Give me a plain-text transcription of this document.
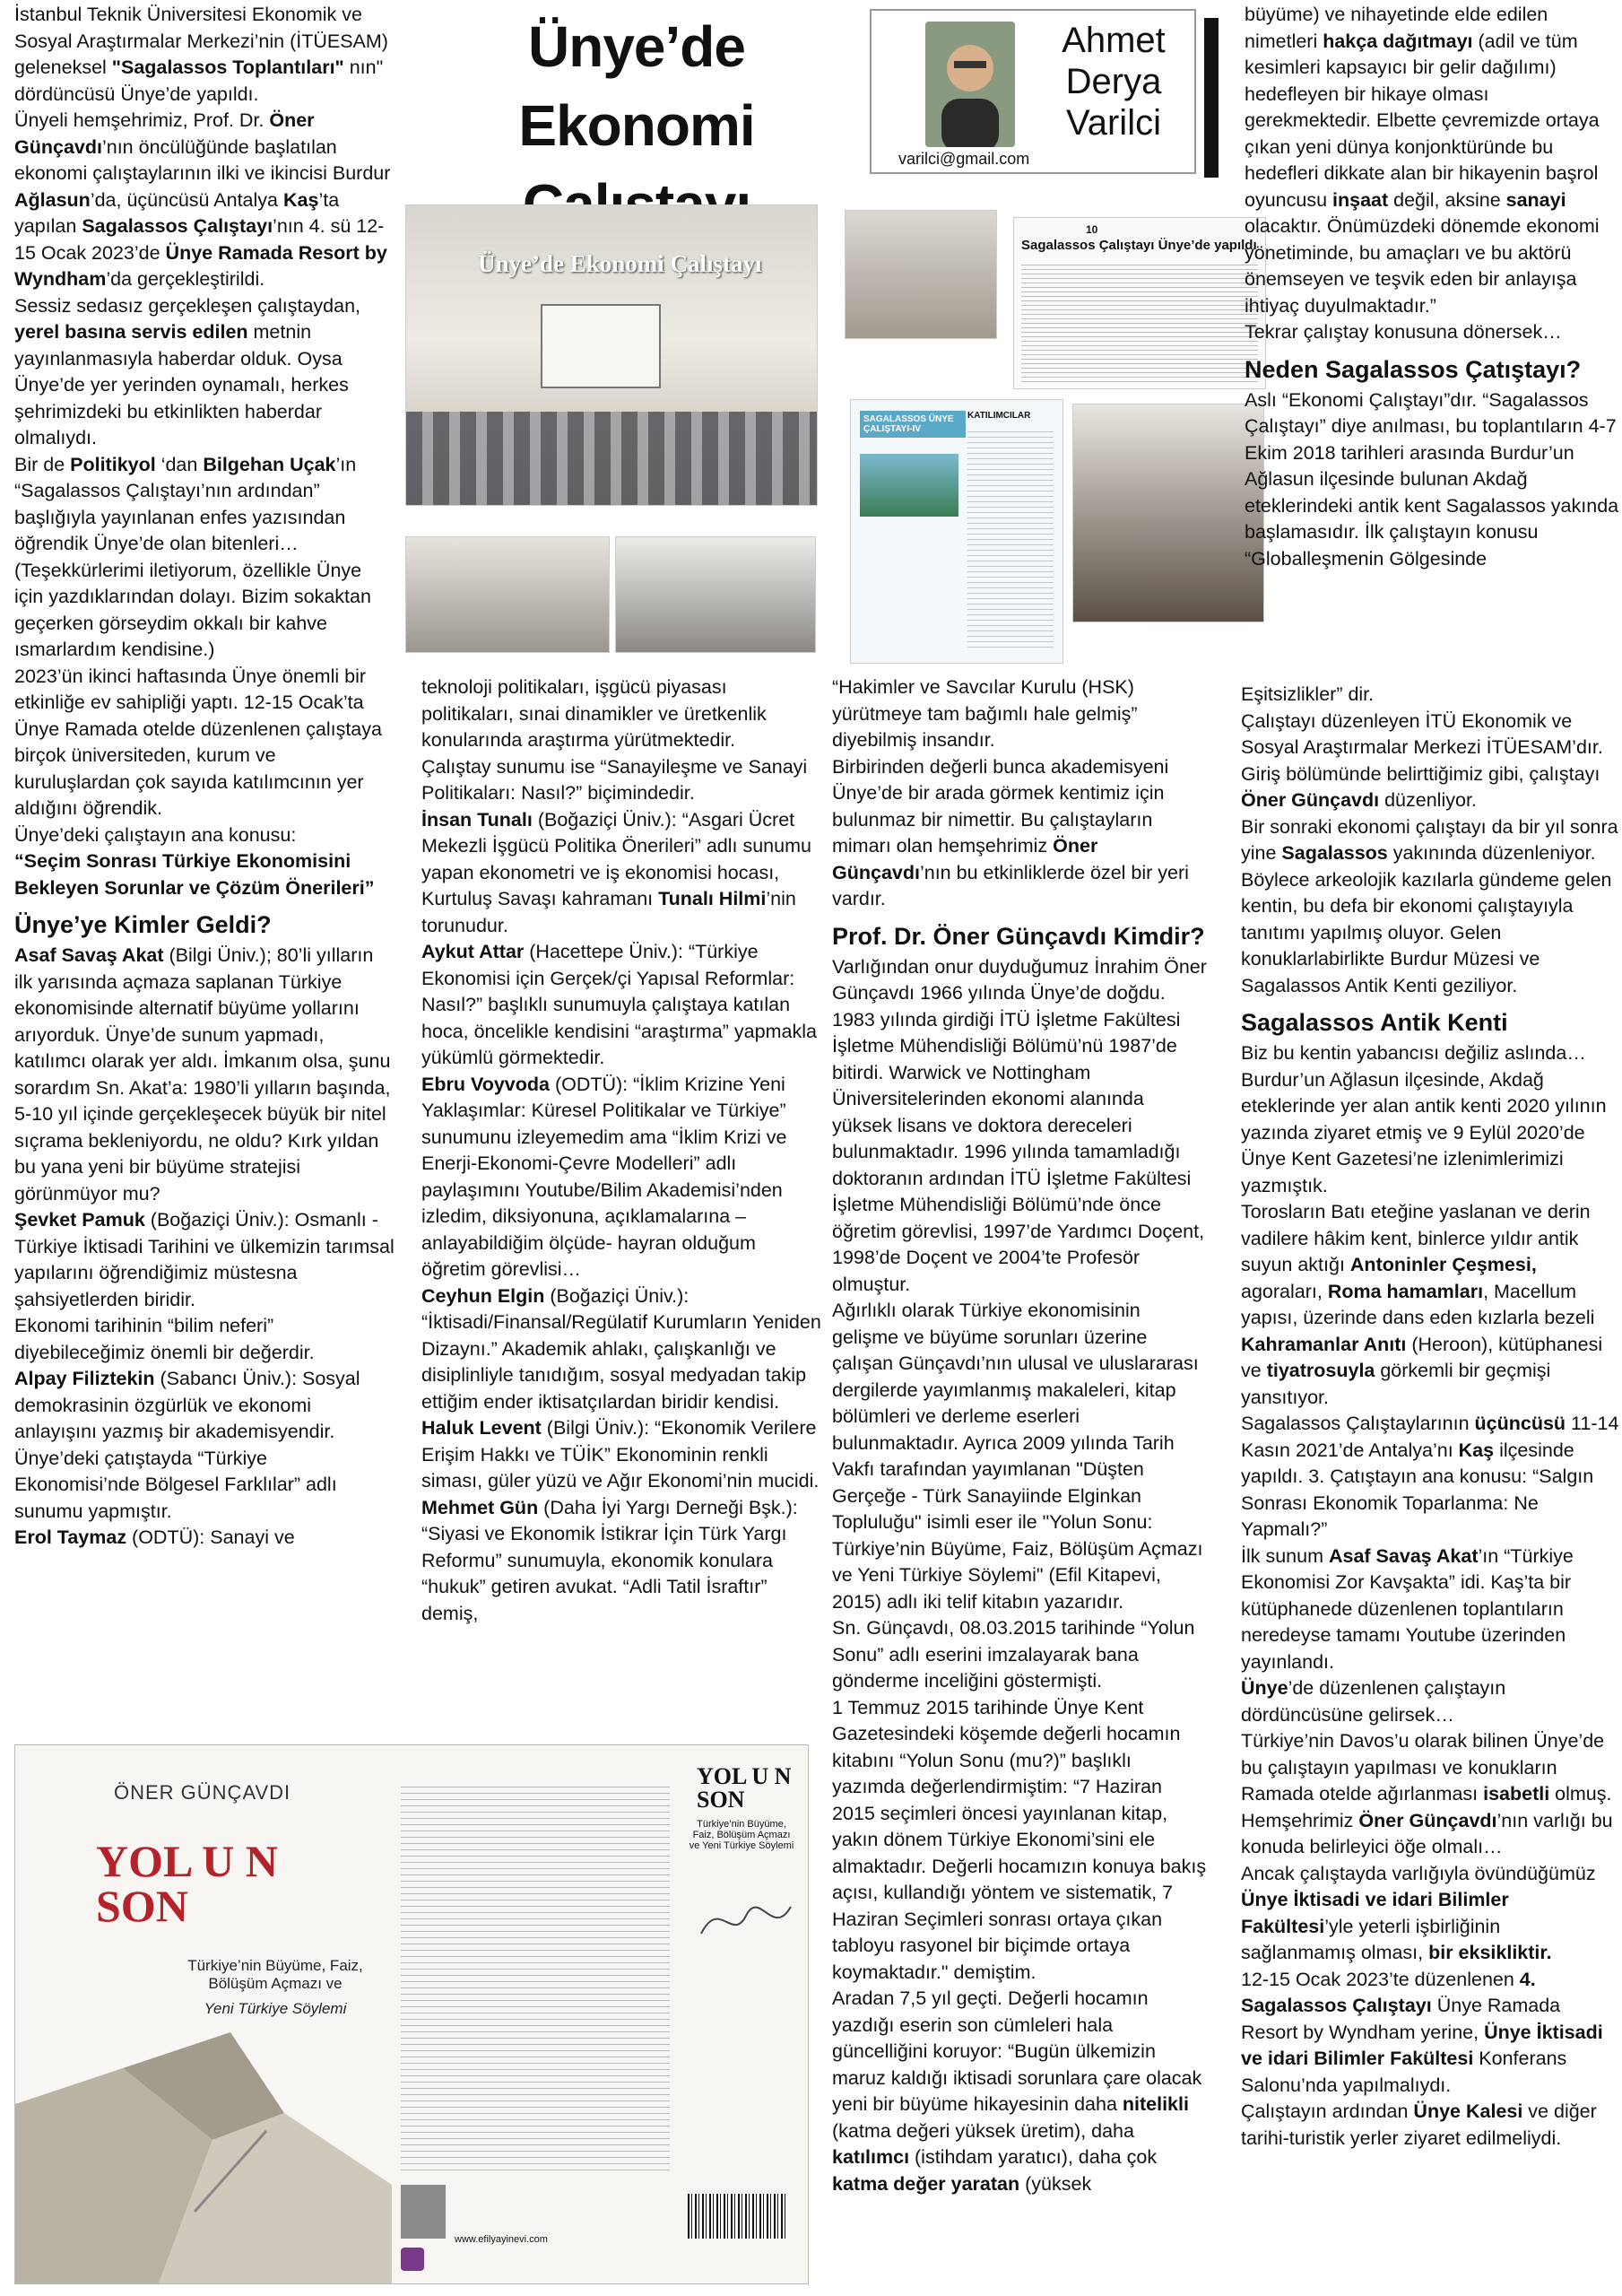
Ünye’de Ekonomi
Ahmet
Derya
Varilci
varilci@gmail.com
Ünye’de Ekonomi Çalıştayı
10
Sagalassos Çalıştayı Ünye’de yapıldı
SAGALASSOS ÜNYE ÇALIŞTAYI-IV
KATILIMCILAR

İstanbul Teknik Üniversitesi Ekonomik ve Sosyal Araştırmalar Merkezi’nin (İTÜESAM) geleneksel "Sagalassos Toplantıları" nın" dördüncüsü Ünye’de yapıldı.

Ünyeli hemşehrimiz, Prof. Dr. Öner Günçavdı’nın öncülüğünde başlatılan ekonomi çalıştaylarının ilki ve ikincisi Burdur Ağlasun’da, üçüncüsü Antalya Kaş’ta yapılan Sagalassos Çalıştayı’nın 4. sü 12-15 Ocak 2023’de Ünye Ramada Resort by Wyndham’da gerçekleştirildi.

Sessiz sedasız gerçekleşen çalıştaydan, yerel basına servis edilen metnin yayınlanmasıyla haberdar olduk. Oysa Ünye’de yer yerinden oynamalı, herkes şehrimizdeki bu etkinlikten haberdar olmalıydı.

Bir de Politikyol ‘dan Bilgehan Uçak’ın “Sagalassos Çalıştayı’nın ardından” başlığıyla yayınlanan enfes yazısından öğrendik Ünye’de olan bitenleri…

(Teşekkürlerimi iletiyorum, özellikle Ünye için yazdıklarından dolayı. Bizim sokaktan geçerken görseydim okkalı bir kahve ısmarlardım kendisine.)

2023’ün ikinci haftasında Ünye önemli bir etkinliğe ev sahipliği yaptı. 12-15 Ocak’ta Ünye Ramada otelde düzenlenen çalıştaya birçok üniversiteden, kurum ve kuruluşlardan çok sayıda katılımcının yer aldığını öğrendik.

Ünye’deki çalıştayın ana konusu:

“Seçim Sonrası Türkiye Ekonomisini Bekleyen Sorunlar ve Çözüm Önerileri”

Ünye’ye Kimler Geldi?

Asaf Savaş Akat (Bilgi Üniv.); 80’li yılların ilk yarısında açmaza saplanan Türkiye ekonomisinde alternatif büyüme yollarını arıyorduk. Ünye’de sunum yapmadı, katılımcı olarak yer aldı. İmkanım olsa, şunu sorardım Sn. Akat’a: 1980’li yılların başında, 5-10 yıl içinde gerçekleşecek büyük bir nitel sıçrama bekleniyordu, ne oldu? Kırk yıldan bu yana yeni bir büyüme stratejisi görünmüyor mu?

Şevket Pamuk (Boğaziçi Üniv.): Osmanlı -Türkiye İktisadi Tarihini ve ülkemizin tarımsal yapılarını öğrendiğimiz müstesna şahsiyetlerden biridir.

Ekonomi tarihinin “bilim neferi” diyebileceğimiz önemli bir değerdir.

Alpay Filiztekin (Sabancı Üniv.): Sosyal demokrasinin özgürlük ve ekonomi anlayışını yazmış bir akademisyendir. Ünye’deki çatıştayda “Türkiye Ekonomisi’nde Bölgesel Farklılar” adlı sunumu yapmıştır.

Erol Taymaz (ODTÜ): Sanayi ve

teknoloji politikaları, işgücü piyasası politikaları, sınai dinamikler ve üretkenlik konularında araştırma yürütmektedir.

Çalıştay sunumu ise “Sanayileşme ve Sanayi Politikaları: Nasıl?” biçimindedir.

İnsan Tunalı (Boğaziçi Üniv.): “Asgari Ücret Mekezli İşgücü Politika Önerileri” adlı sunumu yapan ekonometri ve iş ekonomisi hocası, Kurtuluş Savaşı kahramanı Tunalı Hilmi’nin torunudur.

Aykut Attar (Hacettepe Üniv.): “Türkiye Ekonomisi için Gerçek/çi Yapısal Reformlar: Nasıl?” başlıklı sunumuyla çalıştaya katılan hoca, öncelikle kendisini “araştırma” yapmakla yükümlü görmektedir.

Ebru Voyvoda (ODTÜ): “İklim Krizine Yeni Yaklaşımlar: Küresel Politikalar ve Türkiye” sunumunu izleyemedim ama “İklim Krizi ve Enerji-Ekonomi-Çevre Modelleri” adlı paylaşımını Youtube/Bilim Akademisi’nden izledim, diksiyonuna, açıklamalarına –anlayabildiğim ölçüde- hayran olduğum öğretim görevlisi…

Ceyhun Elgin (Boğaziçi Üniv.): “İktisadi/Finansal/Regülatif Kurumların Yeniden Dizaynı.” Akademik ahlakı, çalışkanlığı ve disiplinliyle tanıdığım, sosyal medyadan takip ettiğim ender iktisatçılardan biridir kendisi.

Haluk Levent (Bilgi Üniv.): “Ekonomik Verilere Erişim Hakkı ve TÜİK” Ekonominin renkli siması, güler yüzü ve Ağır Ekonomi’nin mucidi.

Mehmet Gün (Daha İyi Yargı Derneği Bşk.): “Siyasi ve Ekonomik İstikrar İçin Türk Yargı Reformu” sunumuyla, ekonomik konulara “hukuk” getiren avukat. “Adli Tatil İsraftır” demiş,

“Hakimler ve Savcılar Kurulu (HSK) yürütmeye tam bağımlı hale gelmiş” diyebilmiş insandır.

Birbirinden değerli bunca akademisyeni Ünye’de bir arada görmek kentimiz için bulunmaz bir nimettir. Bu çalıştayların mimarı olan hemşehrimiz Öner Günçavdı’nın bu etkinliklerde özel bir yeri vardır.

Prof. Dr. Öner Günçavdı Kimdir?

Varlığından onur duyduğumuz İnrahim Öner Günçavdı 1966 yılında Ünye’de doğdu. 1983 yılında girdiği İTÜ İşletme Fakültesi İşletme Mühendisliği Bölümü’nü 1987’de bitirdi. Warwick ve Nottingham Üniversitelerinden ekonomi alanında yüksek lisans ve doktora dereceleri bulunmaktadır. 1996 yılında tamamladığı doktoranın ardından İTÜ İşletme Fakültesi İşletme Mühendisliği Bölümü’nde önce öğretim görevlisi, 1997’de Yardımcı Doçent, 1998’de Doçent ve 2004’te Profesör olmuştur.

Ağırlıklı olarak Türkiye ekonomisinin gelişme ve büyüme sorunları üzerine çalışan Günçavdı’nın ulusal ve uluslararası dergilerde yayımlanmış makaleleri, kitap bölümleri ve derleme eserleri bulunmaktadır. Ayrıca 2009 yılında Tarih Vakfı tarafından yayımlanan "Düşten Gerçeğe - Türk Sanayiinde Elginkan Topluluğu" isimli eser ile "Yolun Sonu: Türkiye’nin Büyüme, Faiz, Bölüşüm Açmazı ve Yeni Türkiye Söylemi" (Efil Kitapevi, 2015) adlı iki telif kitabın yazarıdır.

Sn. Günçavdı, 08.03.2015 tarihinde “Yolun Sonu” adlı eserini imzalayarak bana gönderme inceliğini göstermişti.

1 Temmuz 2015 tarihinde Ünye Kent Gazetesindeki köşemde değerli hocamın kitabını “Yolun Sonu (mu?)” başlıklı yazımda değerlendirmiştim: “7 Haziran 2015 seçimleri öncesi yayınlanan kitap, yakın dönem Türkiye Ekonomi’sini ele almaktadır. Değerli hocamızın konuya bakış açısı, kullandığı yöntem ve sistematik, 7 Haziran Seçimleri sonrası ortaya çıkan tabloyu rasyonel bir biçimde ortaya koymaktadır." demiştim.

Aradan 7,5 yıl geçti. Değerli hocamın yazdığı eserin son cümleleri hala güncelliğini koruyor: “Bugün ülkemizin maruz kaldığı iktisadi sorunlara çare olacak yeni bir büyüme hikayesinin daha nitelikli (katma değeri yüksek üretim), daha katılımcı (istihdam yaratıcı), daha çok katma değer yaratan (yüksek

büyüme) ve nihayetinde elde edilen nimetleri hakça dağıtmayı (adil ve tüm kesimleri kapsayıcı bir gelir dağılımı) hedefleyen bir hikaye olması gerekmektedir. Elbette çevremizde ortaya çıkan yeni dünya konjonktüründe bu hedefleri dikkate alan bir hikayenin başrol oyuncusu inşaat değil, aksine sanayi olacaktır. Önümüzdeki dönemde ekonomi yönetiminde, bu amaçları ve bu aktörü önemseyen ve teşvik eden bir anlayışa ihtiyaç duyulmaktadır.”

Tekrar çalıştay konusuna dönersek…

Neden Sagalassos Çatıştayı?

Aslı “Ekonomi Çalıştayı”dır. “Sagalassos Çalıştayı” diye anılması, bu toplantıların 4-7 Ekim 2018 tarihleri arasında Burdur’un Ağlasun ilçesinde bulunan Akdağ eteklerindeki antik kent Sagalassos yakında başlamasıdır. İlk çalıştayın konusu “Globalleşmenin Gölgesinde

Eşitsizlikler” dir.

Çalıştayı düzenleyen İTÜ Ekonomik ve Sosyal Araştırmalar Merkezi İTÜESAM’dır.

Giriş bölümünde belirttiğimiz gibi, çalıştayı Öner Günçavdı düzenliyor.

Bir sonraki ekonomi çalıştayı da bir yıl sonra yine Sagalassos yakınında düzenleniyor. Böylece arkeolojik kazılarla gündeme gelen kentin, bu defa bir ekonomi çalıştayıyla tanıtımı yapılmış oluyor. Gelen konuklarlabirlikte Burdur Müzesi ve Sagalassos Antik Kenti geziliyor.

Sagalassos Antik Kenti

Biz bu kentin yabancısı değiliz aslında… Burdur’un Ağlasun ilçesinde, Akdağ eteklerinde yer alan antik kenti 2020 yılının yazında ziyaret etmiş ve 9 Eylül 2020’de Ünye Kent Gazetesi’ne izlenimlerimizi yazmıştık.

Torosların Batı eteğine yaslanan ve derin vadilere hâkim kent, binlerce yıldır antik suyun aktığı Antoninler Çeşmesi, agoraları, Roma hamamları, Macellum yapısı, üzerinde dans eden kızlarla bezeli Kahramanlar Anıtı (Heroon), kütüphanesi ve tiyatrosuyla görkemli bir geçmişi yansıtıyor.

Sagalassos Çalıştaylarının üçüncüsü 11-14 Kasın 2021’de Antalya’nı Kaş ilçesinde yapıldı. 3. Çatıştayın ana konusu: “Salgın Sonrası Ekonomik Toparlanma: Ne Yapmalı?”

İlk sunum Asaf Savaş Akat’ın “Türkiye Ekonomisi Zor Kavşakta” idi. Kaş’ta bir kütüphanede düzenlenen toplantıların neredeyse tamamı Youtube üzerinden yayınlandı.

Ünye’de düzenlenen çalıştayın dördüncüsüne gelirsek…

Türkiye’nin Davos’u olarak bilinen Ünye’de bu çalıştayın yapılması ve konukların Ramada otelde ağırlanması isabetli olmuş. Hemşehrimiz Öner Günçavdı’nın varlığı bu konuda belirleyici öğe olmalı…

Ancak çalıştayda varlığıyla övündüğümüz Ünye İktisadi ve idari Bilimler Fakültesi’yle yeterli işbirliğinin sağlanmamış olması, bir eksikliktir.

12-15 Ocak 2023’te düzenlenen 4. Sagalassos Çalıştayı Ünye Ramada Resort by Wyndham yerine, Ünye İktisadi ve idari Bilimler Fakültesi Konferans Salonu’nda yapılmalıydı.

Çalıştayın ardından Ünye Kalesi ve diğer tarihi-turistik yerler ziyaret edilmeliydi.

ÖNER GÜNÇAVDI
YOL U N
SON
Türkiye’nin Büyüme, Faiz, Bölüşüm Açmazı ve
Yeni Türkiye Söylemi
YOL U N
SON
Türkiye’nin Büyüme, Faiz, Bölüşüm Açmazı ve Yeni Türkiye Söylemi
www.efilyayinevi.com
